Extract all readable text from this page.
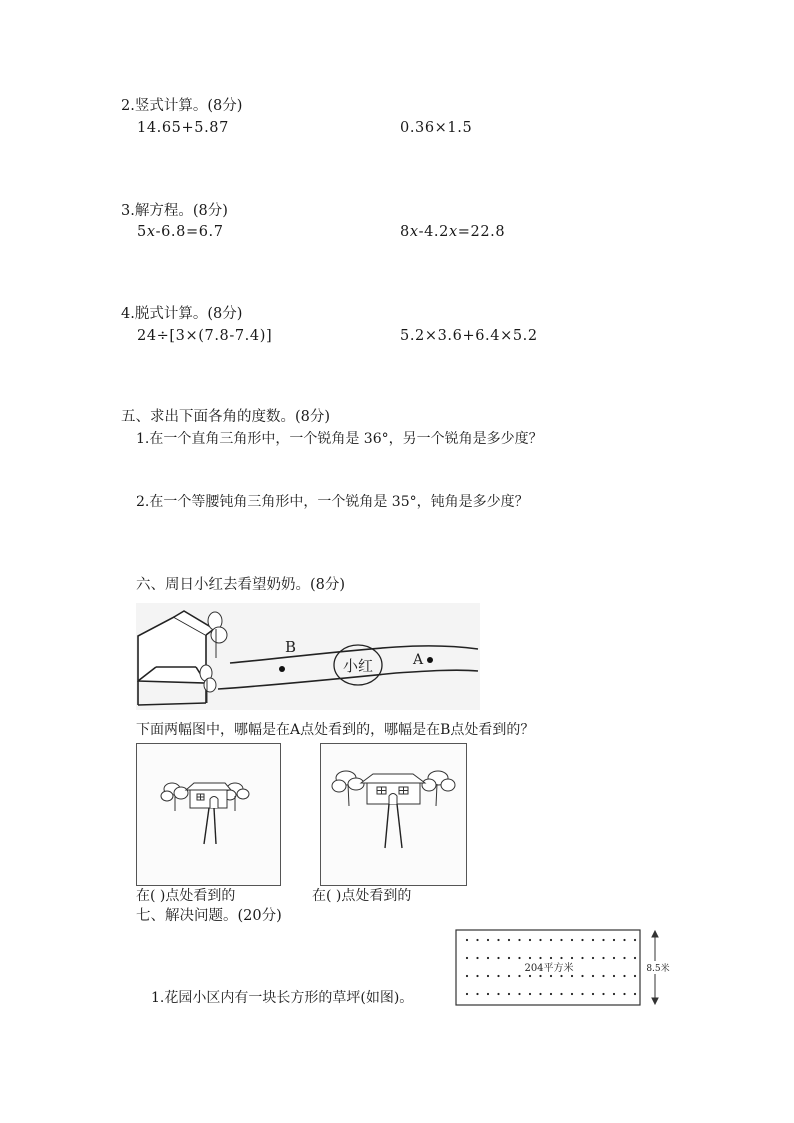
2.竖式计算。(8分)
14.65+5.87	0.36×1.5
3.解方程。(8分)
5x-6.8=6.7	8x-4.2x=22.8
4.脱式计算。(8分)
24÷[3×(7.8-7.4)]	5.2×3.6+6.4×5.2
五、求出下面各角的度数。(8分)
1.在一个直角三角形中，一个锐角是 36°，另一个锐角是多少度？
2.在一个等腰钝角三角形中，一个锐角是 35°，钝角是多少度？
六、周日小红去看望奶奶。(8分)
小红
B
A
下面两幅图中，哪幅是在A点处看到的，哪幅是在B点处看到的？
在( )点处看到的	在( )点处看到的
七、解决问题。(20分)
1.花园小区内有一块长方形的草坪(如图)。
204平方米	8.5米
